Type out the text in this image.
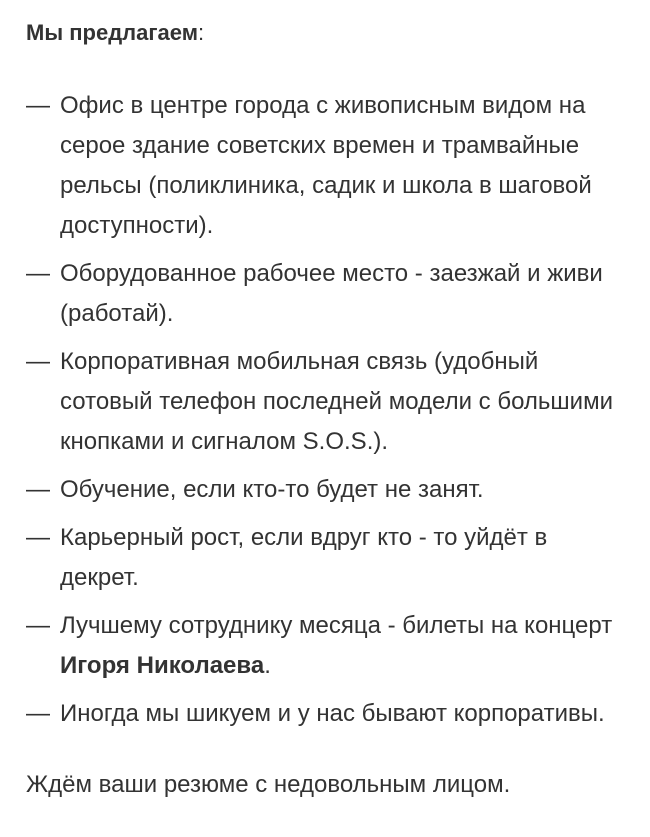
Мы предлагаем:
— Офис в центре города с живописным видом на серое здание советских времен и трамвайные рельсы (поликлиника, садик и школа в шаговой доступности).
— Оборудованное рабочее место - заезжай и живи (работай).
— Корпоративная мобильная связь (удобный сотовый телефон последней модели с большими кнопками и сигналом S.O.S.).
— Обучение, если кто-то будет не занят.
— Карьерный рост, если вдруг кто - то уйдёт в декрет.
— Лучшему сотруднику месяца - билеты на концерт Игоря Николаева.
— Иногда мы шикуем и у нас бывают корпоративы.
Ждём ваши резюме с недовольным лицом.
